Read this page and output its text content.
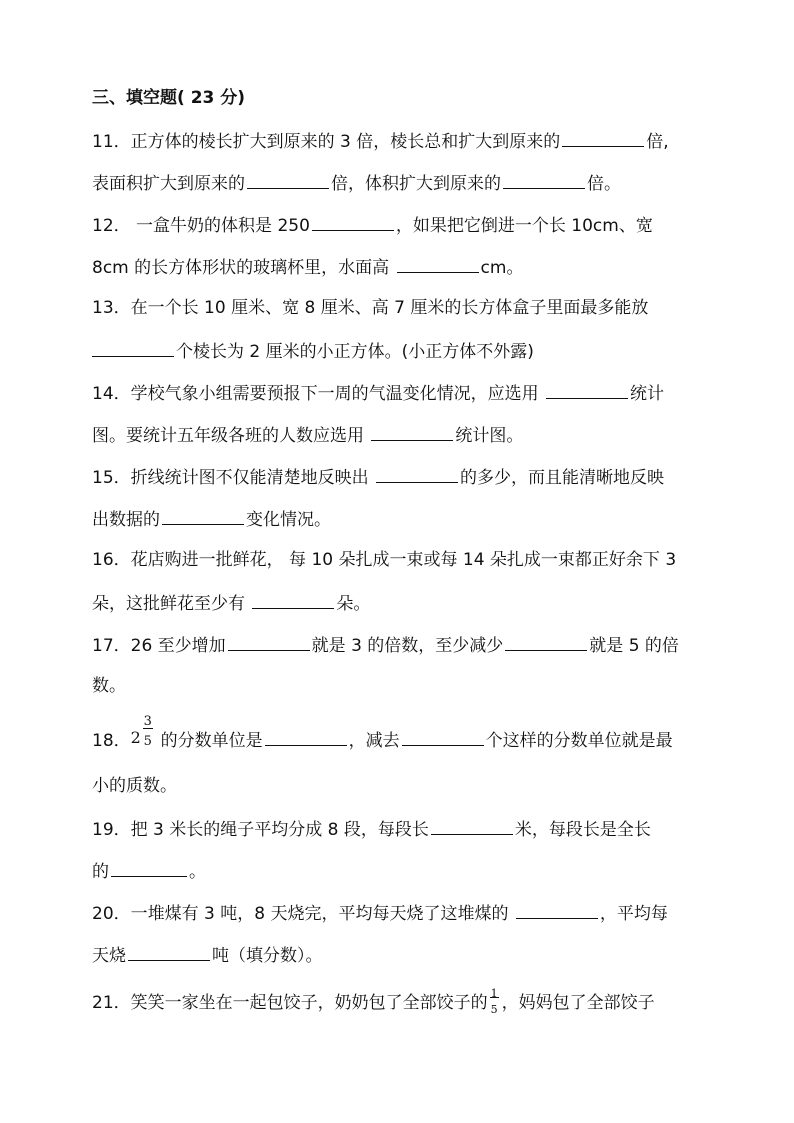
三、填空题( 23 分)
11．正方体的棱长扩大到原来的 3 倍，棱长总和扩大到原来的	倍,
表面积扩大到原来的	倍，体积扩大到原来的	倍。
12． 一盒牛奶的体积是 250	，如果把它倒进一个长 10cm、宽
8cm 的长方体形状的玻璃杯里，水面高	cm。
13．在一个长 10 厘米、宽 8 厘米、高 7 厘米的长方体盒子里面最多能放
个棱长为 2 厘米的小正方体。(小正方体不外露)
14．学校气象小组需要预报下一周的气温变化情况，应选用	统计
图。要统计五年级各班的人数应选用	统计图。
15．折线统计图不仅能清楚地反映出	的多少，而且能清晰地反映
出数据的	变化情况。
16．花店购进一批鲜花， 每 10 朵扎成一束或每 14 朵扎成一束都正好余下 3
朵，这批鲜花至少有	朵。
17．26 至少增加	就是 3 的倍数，至少减少	就是 5 的倍
数。
18． 2
3
5 的分数单位是	，减去	个这样的分数单位就是最
小的质数。
19．把 3 米长的绳子平均分成 8 段，每段长	米，每段长是全长
的	。
20．一堆煤有 3 吨，8 天烧完，平均每天烧了这堆煤的	，平均每
天烧	吨（填分数）。
21．笑笑一家坐在一起包饺子，奶奶包了全部饺子的 1
5 ，妈妈包了全部饺子
